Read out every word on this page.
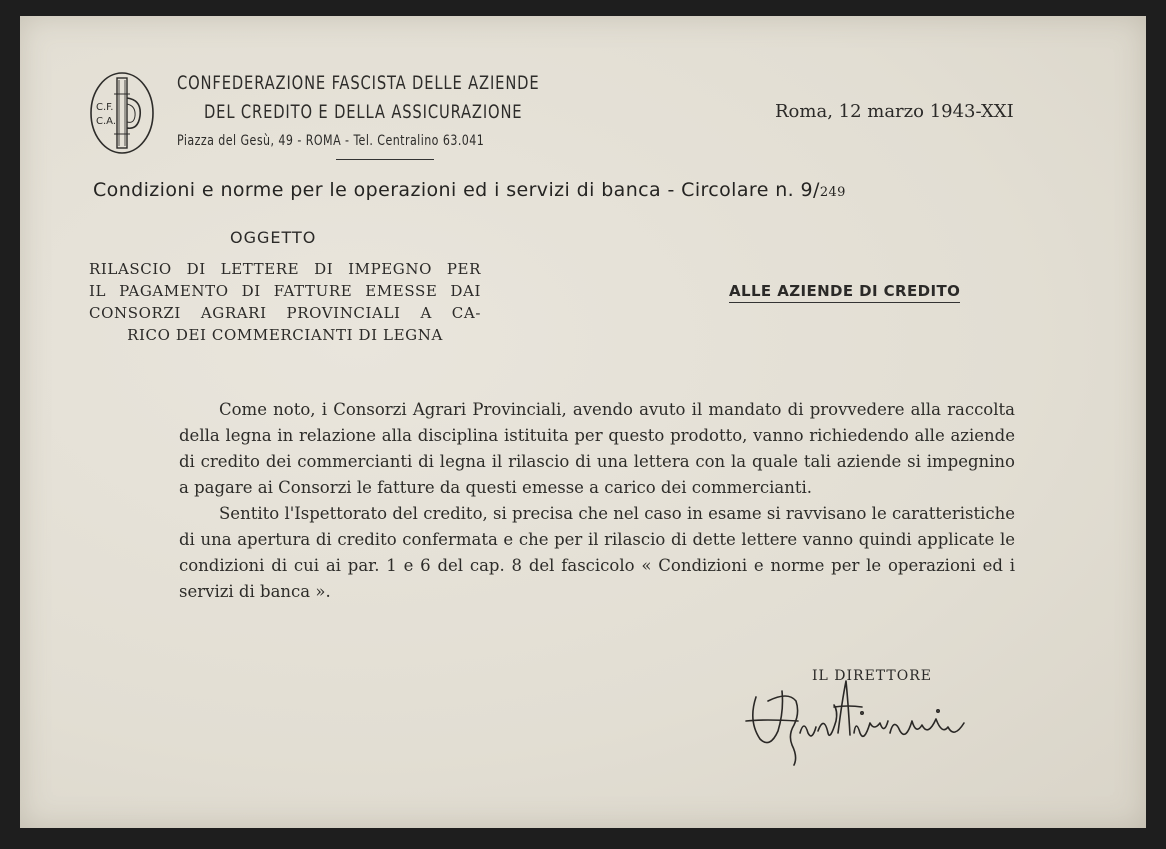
C.F.
C.A.
CONFEDERAZIONE FASCISTA DELLE AZIENDE
DEL CREDITO E DELLA ASSICURAZIONE
Piazza del Gesù, 49 - ROMA - Tel. Centralino 63.041
Roma, 12 marzo 1943-XXI
Condizioni e norme per le operazioni ed i servizi di banca - Circolare n. 9/249
OGGETTO
RILASCIO DI LETTERE DI IMPEGNO PER
IL PAGAMENTO DI FATTURE EMESSE DAI
CONSORZI AGRARI PROVINCIALI A CA-
RICO DEI COMMERCIANTI DI LEGNA
ALLE AZIENDE DI CREDITO

Come noto, i Consorzi Agrari Provinciali, avendo avuto il mandato di provvedere alla raccolta della legna in relazione alla disciplina istituita per questo prodotto, vanno richiedendo alle aziende di credito dei commercianti di legna il rilascio di una lettera con la quale tali aziende si impegnino a pagare ai Consorzi le fatture da questi emesse a carico dei commercianti.

Sentito l'Ispettorato del credito, si precisa che nel caso in esame si ravvisano le caratteristiche di una apertura di credito confermata e che per il rilascio di dette lettere vanno quindi applicate le condizioni di cui ai par. 1 e 6 del cap. 8 del fascicolo « Condizioni e norme per le operazioni ed i servizi di banca ».

IL DIRETTORE
